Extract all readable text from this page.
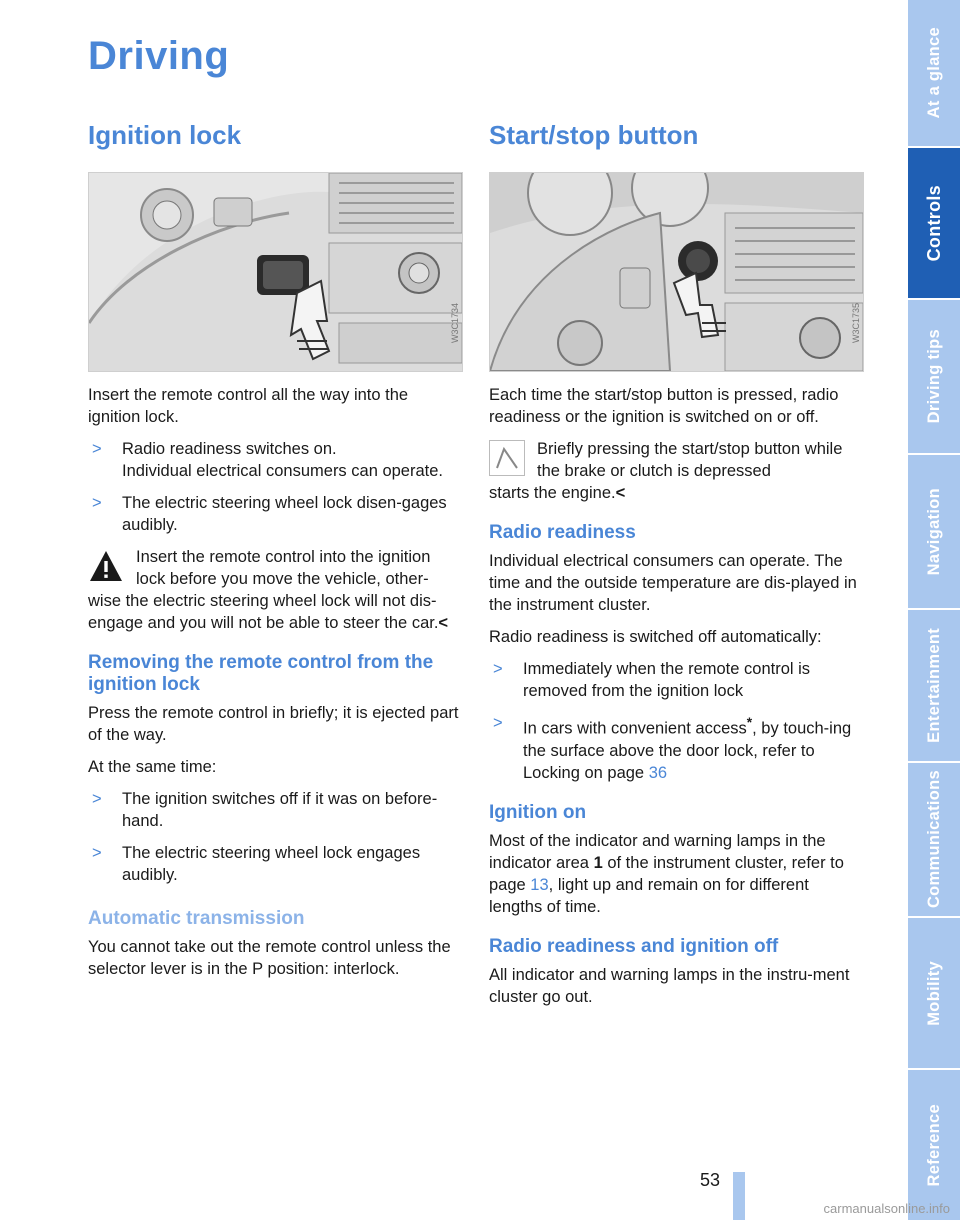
Driving
Ignition lock
W3C1734

Insert the remote control all the way into the ignition lock.

>	Radio readiness switches on.
Individual electrical consumers can operate.
>	The electric steering wheel lock disen-gages audibly.
Insert the remote control into the ignition lock before you move the vehicle, other-
wise the electric steering wheel lock will not dis-engage and you will not be able to steer the car.<
Removing the remote control from the ignition lock

Press the remote control in briefly; it is ejected part of the way.

At the same time:

>	The ignition switches off if it was on before-hand.
>	The electric steering wheel lock engages audibly.
Automatic transmission

You cannot take out the remote control unless the selector lever is in the P position: interlock.

Start/stop button
W3C1735

Each time the start/stop button is pressed, radio readiness or the ignition is switched on or off.

Briefly pressing the start/stop button while the brake or clutch is depressed
starts the engine.<
Radio readiness

Individual electrical consumers can operate. The time and the outside temperature are dis-played in the instrument cluster.

Radio readiness is switched off automatically:

>	Immediately when the remote control is removed from the ignition lock
>	In cars with convenient access*, by touch-ing the surface above the door lock, refer to Locking on page 36
Ignition on

Most of the indicator and warning lamps in the indicator area 1 of the instrument cluster, refer to page 13, light up and remain on for different lengths of time.

Radio readiness and ignition off

All indicator and warning lamps in the instru-ment cluster go out.

At a glance
Controls
Driving tips
Navigation
Entertainment
Communications
Mobility
Reference
53
carmanualsonline.info
